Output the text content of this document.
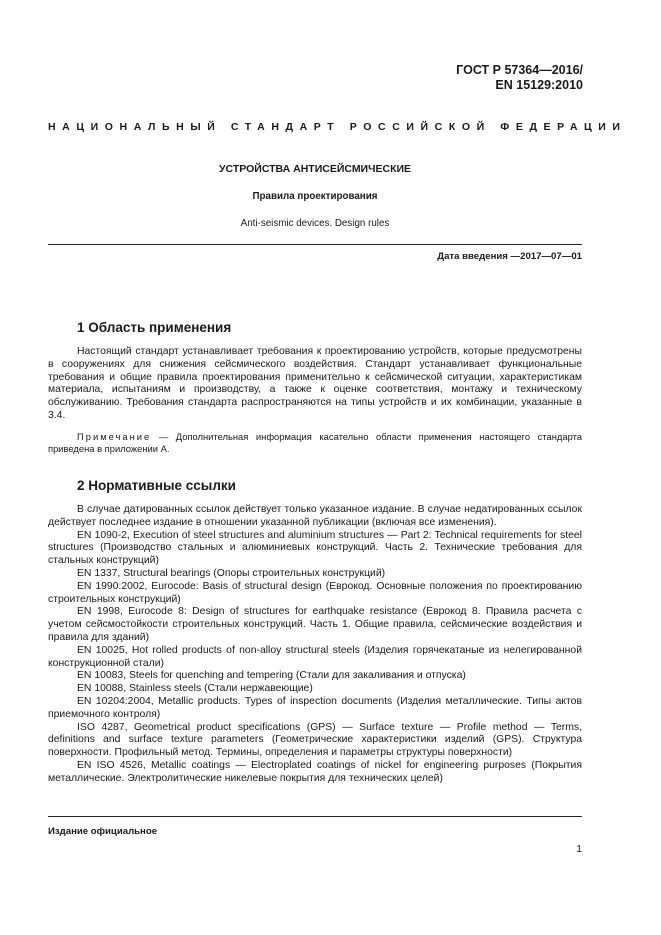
ГОСТ Р 57364—2016/
EN 15129:2010
НАЦИОНАЛЬНЫЙ СТАНДАРТ РОССИЙСКОЙ ФЕДЕРАЦИИ
УСТРОЙСТВА АНТИСЕЙСМИЧЕСКИЕ
Правила проектирования
Anti-seismic devices. Design rules
Дата введения —2017—07—01
1 Область применения

Настоящий стандарт устанавливает требования к проектированию устройств, которые предусмотрены в сооружениях для снижения сейсмического воздействия. Стандарт устанавливает функциональные требования и общие правила проектирования применительно к сейсмической ситуации, характеристикам материала, испытаниям и производству, а также к оценке соответствия, монтажу и техническому обслуживанию. Требования стандарта распространяются на типы устройств и их комбинации, указанные в 3.4.

Примечание — Дополнительная информация касательно области применения настоящего стандарта приведена в приложении А.
2 Нормативные ссылки

В случае датированных ссылок действует только указанное издание. В случае недатированных ссылок действует последнее издание в отношении указанной публикации (включая все изменения).

EN 1090-2, Execution of steel structures and aluminium structures — Part 2: Technical requirements for steel structures (Производство стальных и алюминиевых конструкций. Часть 2. Технические требования для стальных конструкций)

EN 1337, Structural bearings (Опоры строительных конструкций)

EN 1990:2002, Eurocode: Basis of structural design (Еврокод. Основные положения по проектированию строительных конструкций)

EN 1998, Eurocode 8: Design of structures for earthquake resistance (Еврокод 8. Правила расчета с учетом сейсмостойкости строительных конструкций. Часть 1. Общие правила, сейсмические воздействия и правила для зданий)

EN 10025, Hot rolled products of non-alloy structural steels (Изделия горячекатаные из нелегированной конструкционной стали)

EN 10083, Steels for quenching and tempering (Стали для закаливания и отпуска)

EN 10088, Stainless steels (Стали нержавеющие)

EN 10204:2004, Metallic products. Types of inspection documents (Изделия металлические. Типы актов приемочного контроля)

ISO 4287, Geometrical product specifications (GPS) — Surface texture — Profile method — Terms, definitions and surface texture parameters (Геометрические характеристики изделий (GPS). Структура поверхности. Профильный метод. Термины, определения и параметры структуры поверхности)

EN ISO 4526, Metallic coatings — Electroplated coatings of nickel for engineering purposes (Покрытия металлические. Электролитические никелевые покрытия для технических целей)

Издание официальное
1
